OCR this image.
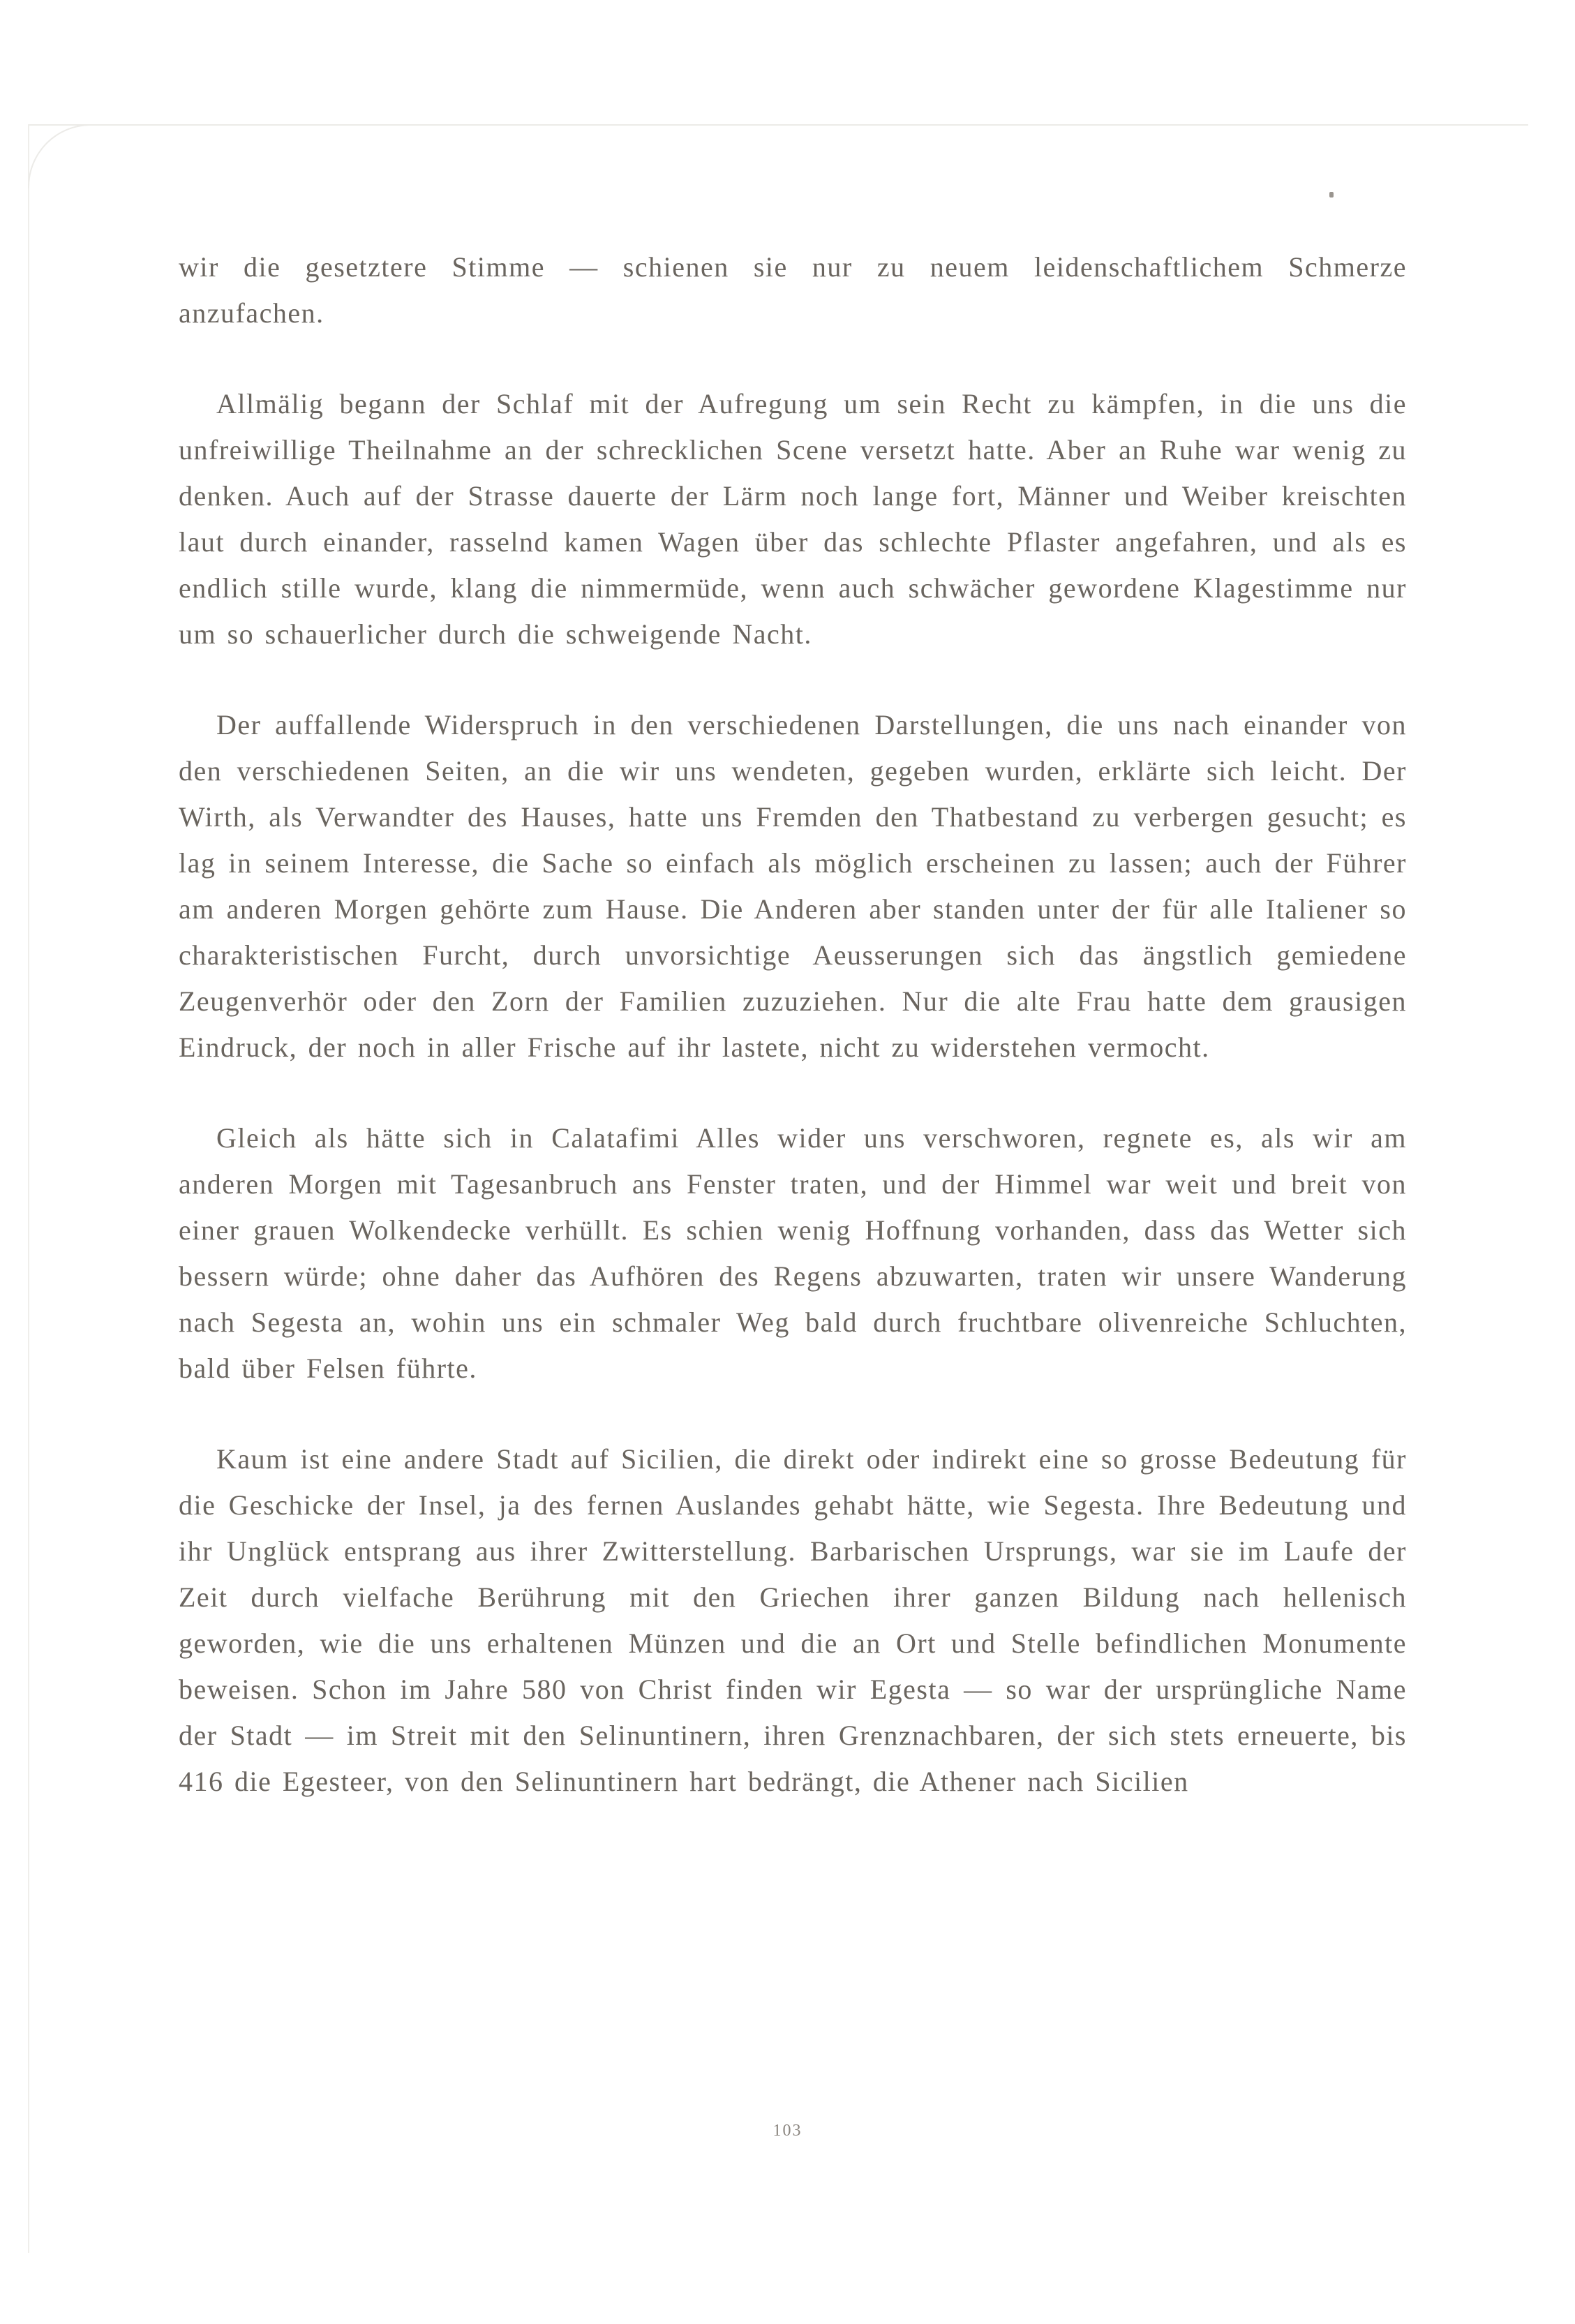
wir die gesetztere Stimme — schienen sie nur zu neuem leidenschaftlichem Schmerze anzufachen.

Allmälig begann der Schlaf mit der Aufregung um sein Recht zu kämpfen, in die uns die unfreiwillige Theilnahme an der schrecklichen Scene versetzt hatte. Aber an Ruhe war wenig zu denken. Auch auf der Strasse dauerte der Lärm noch lange fort, Männer und Weiber kreischten laut durch einander, rasselnd kamen Wagen über das schlechte Pflaster angefahren, und als es endlich stille wurde, klang die nimmermüde, wenn auch schwächer gewordene Klagestimme nur um so schauerlicher durch die schweigende Nacht.

Der auffallende Widerspruch in den verschiedenen Darstellungen, die uns nach einander von den verschiedenen Seiten, an die wir uns wendeten, gegeben wurden, erklärte sich leicht. Der Wirth, als Verwandter des Hauses, hatte uns Fremden den Thatbestand zu verbergen gesucht; es lag in seinem Interesse, die Sache so einfach als möglich erscheinen zu lassen; auch der Führer am anderen Morgen gehörte zum Hause. Die Anderen aber standen unter der für alle Italiener so charakteristischen Furcht, durch unvorsichtige Aeusserungen sich das ängstlich gemiedene Zeugenverhör oder den Zorn der Familien zuzuziehen. Nur die alte Frau hatte dem grausigen Eindruck, der noch in aller Frische auf ihr lastete, nicht zu widerstehen vermocht.

Gleich als hätte sich in Calatafimi Alles wider uns verschworen, regnete es, als wir am anderen Morgen mit Tagesanbruch ans Fenster traten, und der Himmel war weit und breit von einer grauen Wolkendecke verhüllt. Es schien wenig Hoffnung vorhanden, dass das Wetter sich bessern würde; ohne daher das Aufhören des Regens abzuwarten, traten wir unsere Wanderung nach Segesta an, wohin uns ein schmaler Weg bald durch fruchtbare olivenreiche Schluchten, bald über Felsen führte.

Kaum ist eine andere Stadt auf Sicilien, die direkt oder indirekt eine so grosse Bedeutung für die Geschicke der Insel, ja des fernen Auslandes gehabt hätte, wie Segesta. Ihre Bedeutung und ihr Unglück entsprang aus ihrer Zwitterstellung. Barbarischen Ursprungs, war sie im Laufe der Zeit durch vielfache Berührung mit den Griechen ihrer ganzen Bildung nach hellenisch geworden, wie die uns erhaltenen Münzen und die an Ort und Stelle befindlichen Monumente beweisen. Schon im Jahre 580 von Christ finden wir Egesta — so war der ursprüngliche Name der Stadt — im Streit mit den Selinuntinern, ihren Grenznachbaren, der sich stets erneuerte, bis 416 die Egesteer, von den Selinuntinern hart bedrängt, die Athener nach Sicilien

103
